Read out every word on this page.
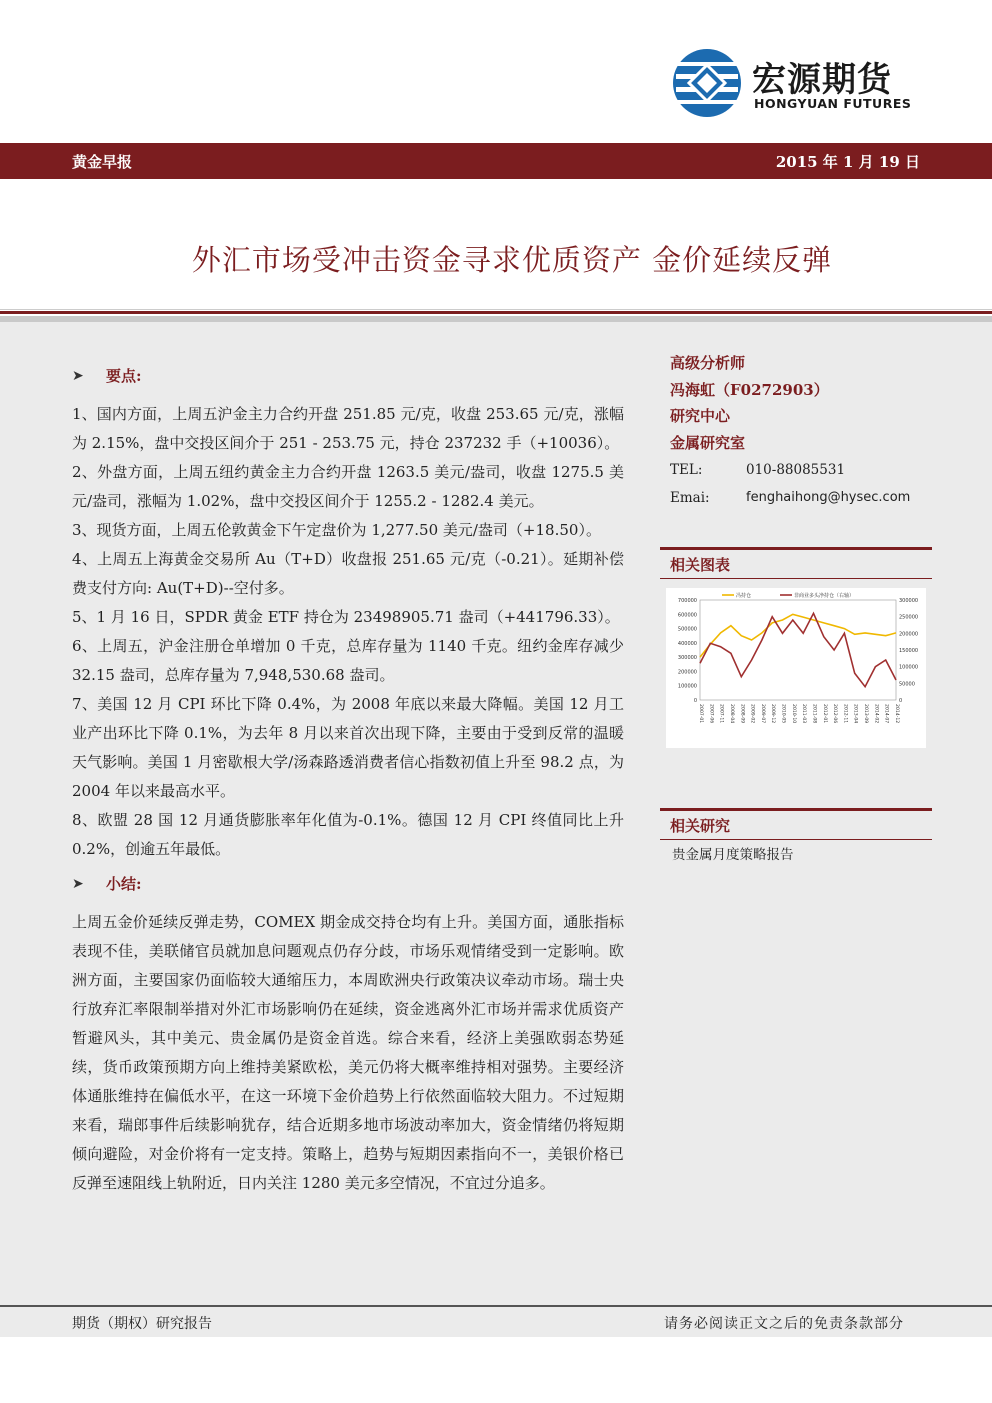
宏源期货
HONGYUAN FUTURES
黄金早报	2015 年 1 月 19 日
外汇市场受冲击资金寻求优质资产 金价延续反弹
➤	要点:

1、国内方面，上周五沪金主力合约开盘 251.85 元/克，收盘 253.65 元/克，涨幅为 2.15%，盘中交投区间介于 251 - 253.75 元，持仓 237232 手（+10036）。

2、外盘方面，上周五纽约黄金主力合约开盘 1263.5 美元/盎司，收盘 1275.5 美元/盎司，涨幅为 1.02%，盘中交投区间介于 1255.2 - 1282.4 美元。

3、现货方面，上周五伦敦黄金下午定盘价为 1,277.50 美元/盎司（+18.50）。

4、上周五上海黄金交易所 Au（T+D）收盘报 251.65 元/克（-0.21）。延期补偿费支付方向: Au(T+D)--空付多。

5、1 月 16 日，SPDR 黄金 ETF 持仓为 23498905.71 盎司（+441796.33）。

6、上周五，沪金注册仓单增加 0 千克，总库存量为 1140 千克。纽约金库存减少 32.15 盎司，总库存量为 7,948,530.68 盎司。

7、美国 12 月 CPI 环比下降 0.4%，为 2008 年底以来最大降幅。美国 12 月工业产出环比下降 0.1%，为去年 8 月以来首次出现下降，主要由于受到反常的温暖天气影响。美国 1 月密歇根大学/汤森路透消费者信心指数初值上升至 98.2 点，为 2004 年以来最高水平。

8、欧盟 28 国 12 月通货膨胀率年化值为-0.1%。德国 12 月 CPI 终值同比上升 0.2%，创逾五年最低。

➤	小结:

上周五金价延续反弹走势，COMEX 期金成交持仓均有上升。美国方面，通胀指标表现不佳，美联储官员就加息问题观点仍存分歧，市场乐观情绪受到一定影响。欧洲方面，主要国家仍面临较大通缩压力，本周欧洲央行政策决议牵动市场。瑞士央行放弃汇率限制举措对外汇市场影响仍在延续，资金逃离外汇市场并需求优质资产暂避风头，其中美元、贵金属仍是资金首选。综合来看，经济上美强欧弱态势延续，货币政策预期方向上维持美紧欧松，美元仍将大概率维持相对强势。主要经济体通胀维持在偏低水平，在这一环境下金价趋势上行依然面临较大阻力。不过短期来看，瑞郎事件后续影响犹存，结合近期多地市场波动率加大，资金情绪仍将短期倾向避险，对金价将有一定支持。策略上，趋势与短期因素指向不一，美银价格已反弹至速阻线上轨附近，日内关注 1280 美元多空情况，不宜过分追多。

高级分析师
冯海虹（F0272903）
研究中心
金属研究室
TEL:	010-88085531
Emai:	fenghaihong@hysec.com
相关图表
700000
600000
500000
400000
300000
200000
100000
0
300000
250000
200000
150000
100000
50000
0
2007-01 2007-06 2007-11 2008-04 2008-09 2009-02 2009-07 2009-12 2010-05 2010-10 2011-03 2011-08 2012-01 2012-06 2012-11 2013-04 2013-09 2014-02 2014-07 2014-12
冯持仓	非商业多头净持仓（右轴）
相关研究
贵金属月度策略报告
期货（期权）研究报告	请务必阅读正文之后的免责条款部分
